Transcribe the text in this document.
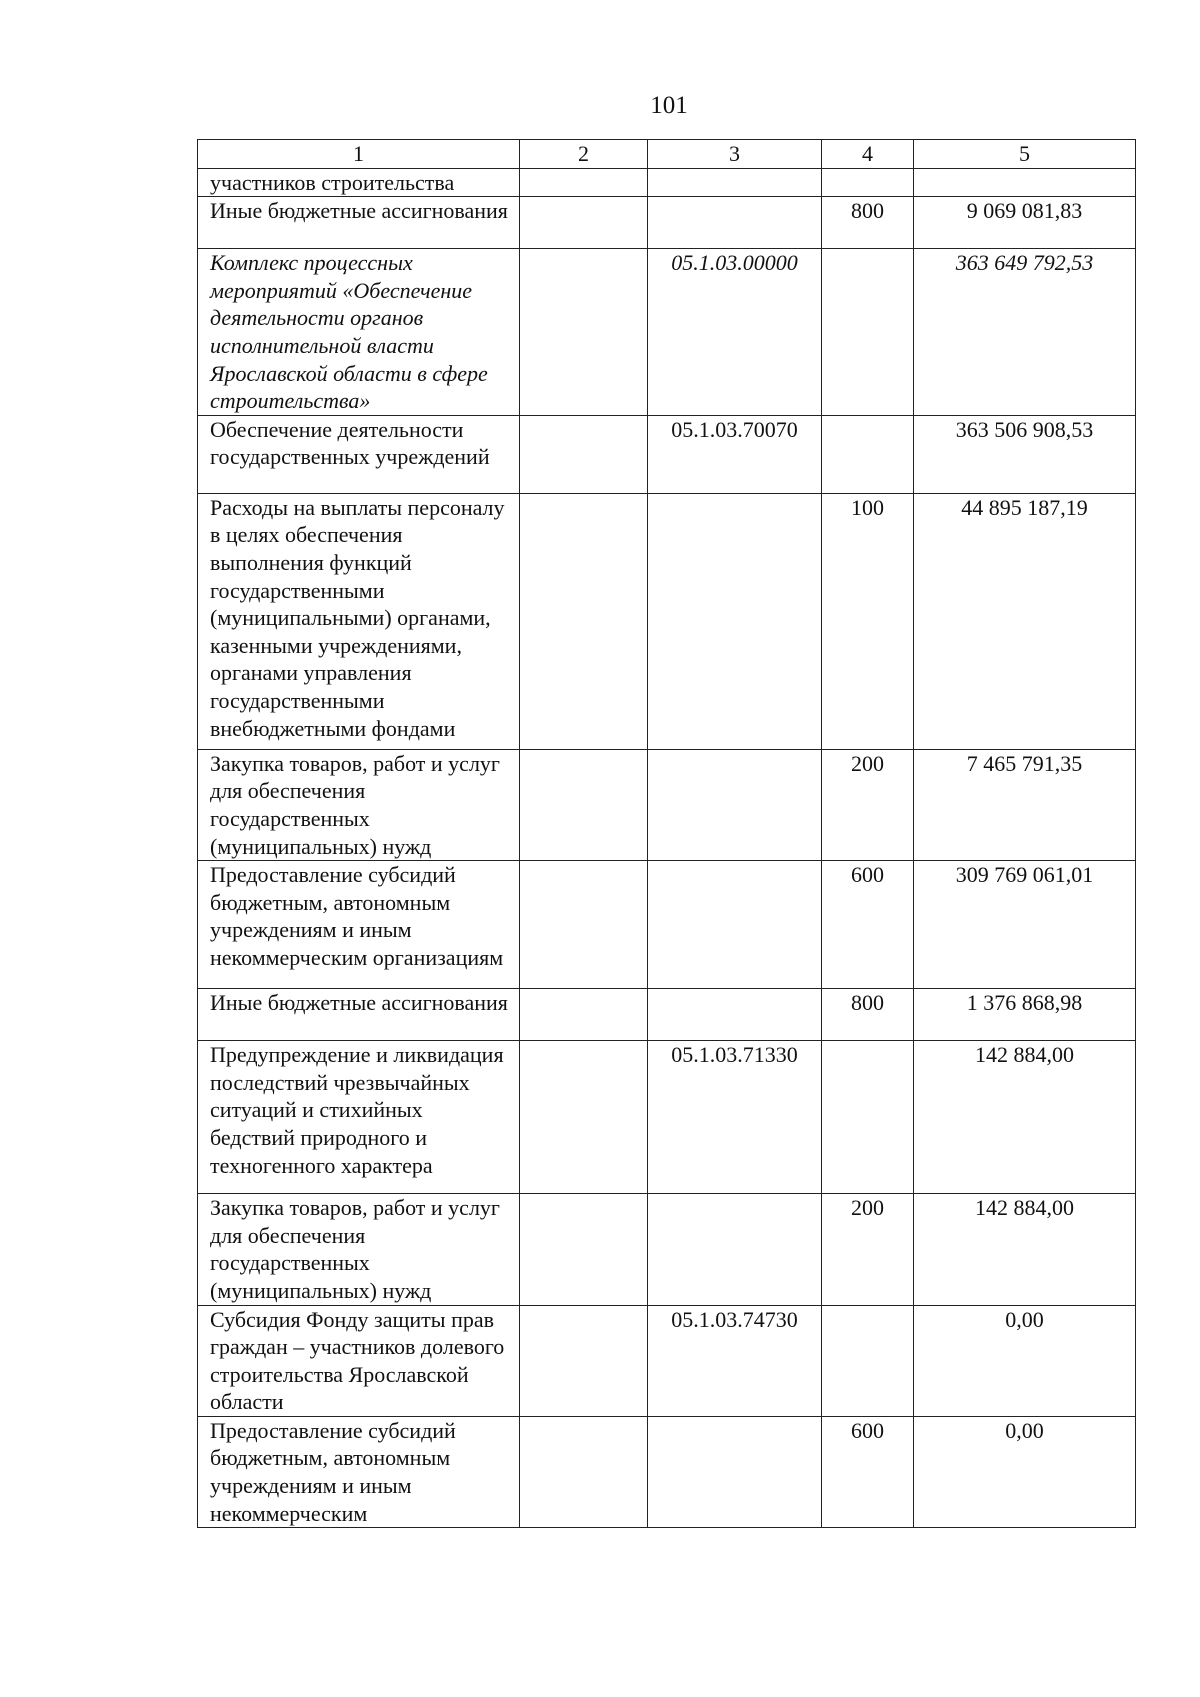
101
1	2	3	4	5
участников строительства				
Иные бюджетные ассигнования			800	9 069 081,83
Комплекс процессных мероприятий «Обеспечение деятельности органов исполнительной власти Ярославской области в сфере строительства»		05.1.03.00000		363 649 792,53
Обеспечение деятельности государственных учреждений		05.1.03.70070		363 506 908,53
Расходы на выплаты персоналу в целях обеспечения выполнения функций государственными (муниципальными) органами, казенными учреждениями, органами управления государственными внебюджетными фондами			100	44 895 187,19
Закупка товаров, работ и услуг для обеспечения государственных (муниципальных) нужд			200	7 465 791,35
Предоставление субсидий бюджетным, автономным учреждениям и иным некоммерческим организациям			600	309 769 061,01
Иные бюджетные ассигнования			800	1 376 868,98
Предупреждение и ликвидация последствий чрезвычайных ситуаций и стихийных бедствий природного и техногенного характера		05.1.03.71330		142 884,00
Закупка товаров, работ и услуг для обеспечения государственных (муниципальных) нужд			200	142 884,00
Субсидия Фонду защиты прав граждан – участников долевого строительства Ярославской области		05.1.03.74730		0,00
Предоставление субсидий бюджетным, автономным учреждениям и иным некоммерческим			600	0,00
